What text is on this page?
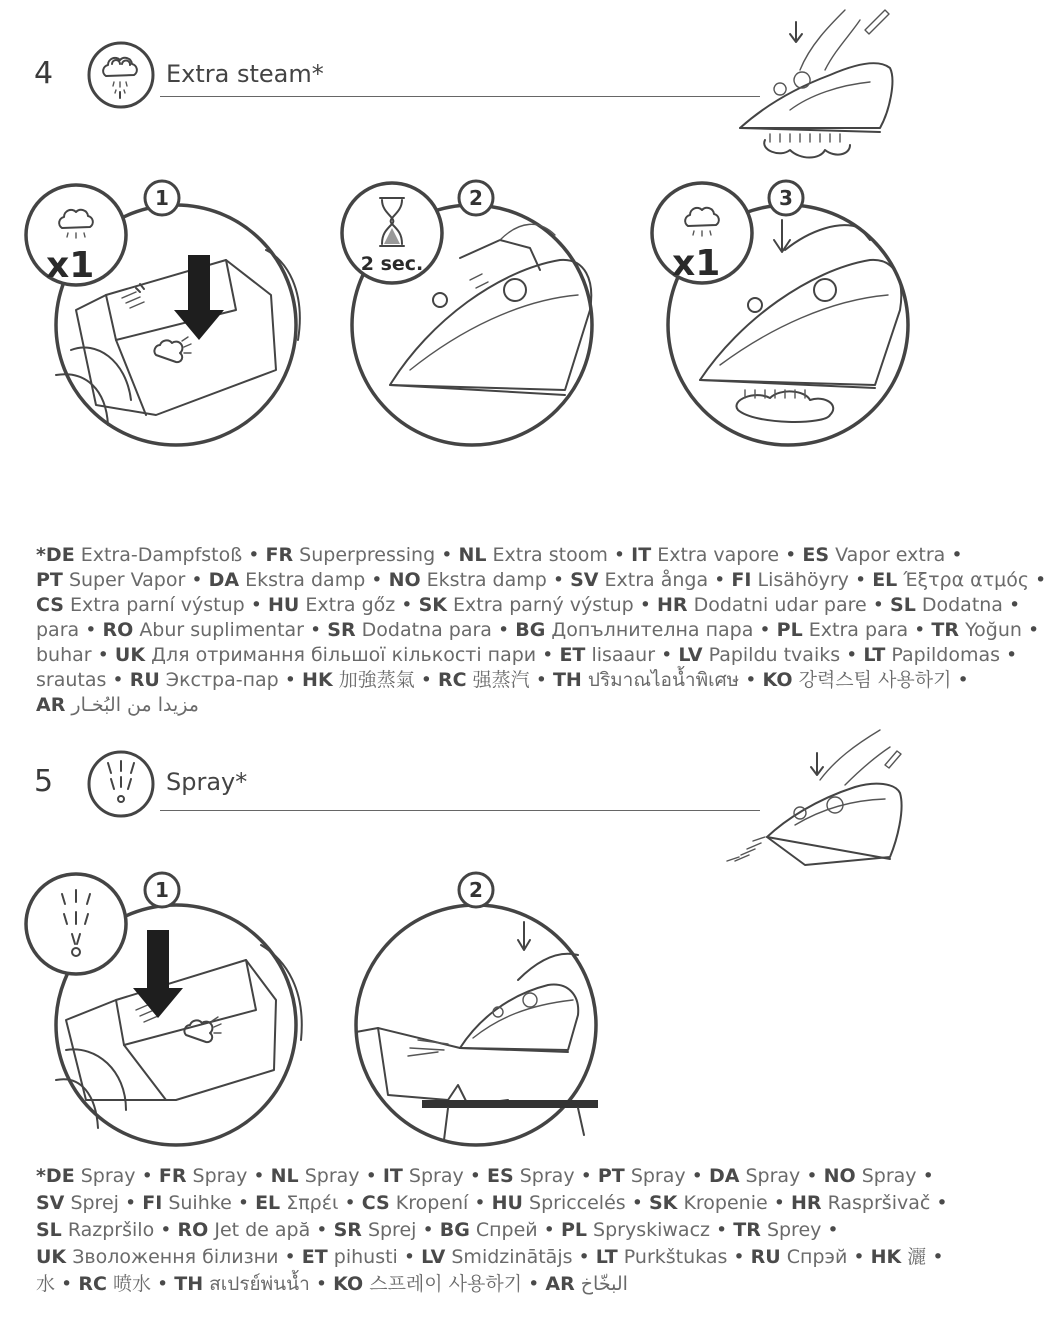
4	Extra steam*
x1
1
2 sec.
2
x1
3
*DE Extra-Dampfstoß • FR Superpressing • NL Extra stoom • IT Extra vapore • ES Vapor extra •
PT Super Vapor • DA Ekstra damp • NO Ekstra damp • SV Extra ånga • FI Lisähöyry • EL Έξτρα ατμός •
CS Extra parní výstup • HU Extra gőz • SK Extra parný výstup • HR Dodatni udar pare • SL Dodatna •
para • RO Abur suplimentar • SR Dodatna para • BG Допълнителна пара • PL Extra para • TR Yoğun •
buhar • UK Для отримання більшої кількості пари • ET lisaaur • LV Papildu tvaiks • LT Papildomas •
srautas • RU Экстра-пар • HK 加強蒸氣 • RC 强蒸汽 • TH ปริมาณไอน้ำพิเศษ • KO 강력스팀 사용하기 •
AR مزيدا من البُخـار
5	Spray*
1	2
*DE Spray • FR Spray • NL Spray • IT Spray • ES Spray • PT Spray • DA Spray • NO Spray •
SV Sprej • FI Suihke • EL Σπρέι • CS Kropení • HU Spriccelés • SK Kropenie • HR Raspršivač •
SL Razpršilo • RO Jet de apă • SR Sprej • BG Спрей • PL Spryskiwacz • TR Sprey •
UK Зволоження білизни • ET pihusti • LV Smidzinātājs • LT Purkštukas • RU Спрэй • HK 灑 •
水 • RC 喷水 • TH สเปรย์พ่นน้ำ • KO 스프레이 사용하기 • AR البخّاخ
